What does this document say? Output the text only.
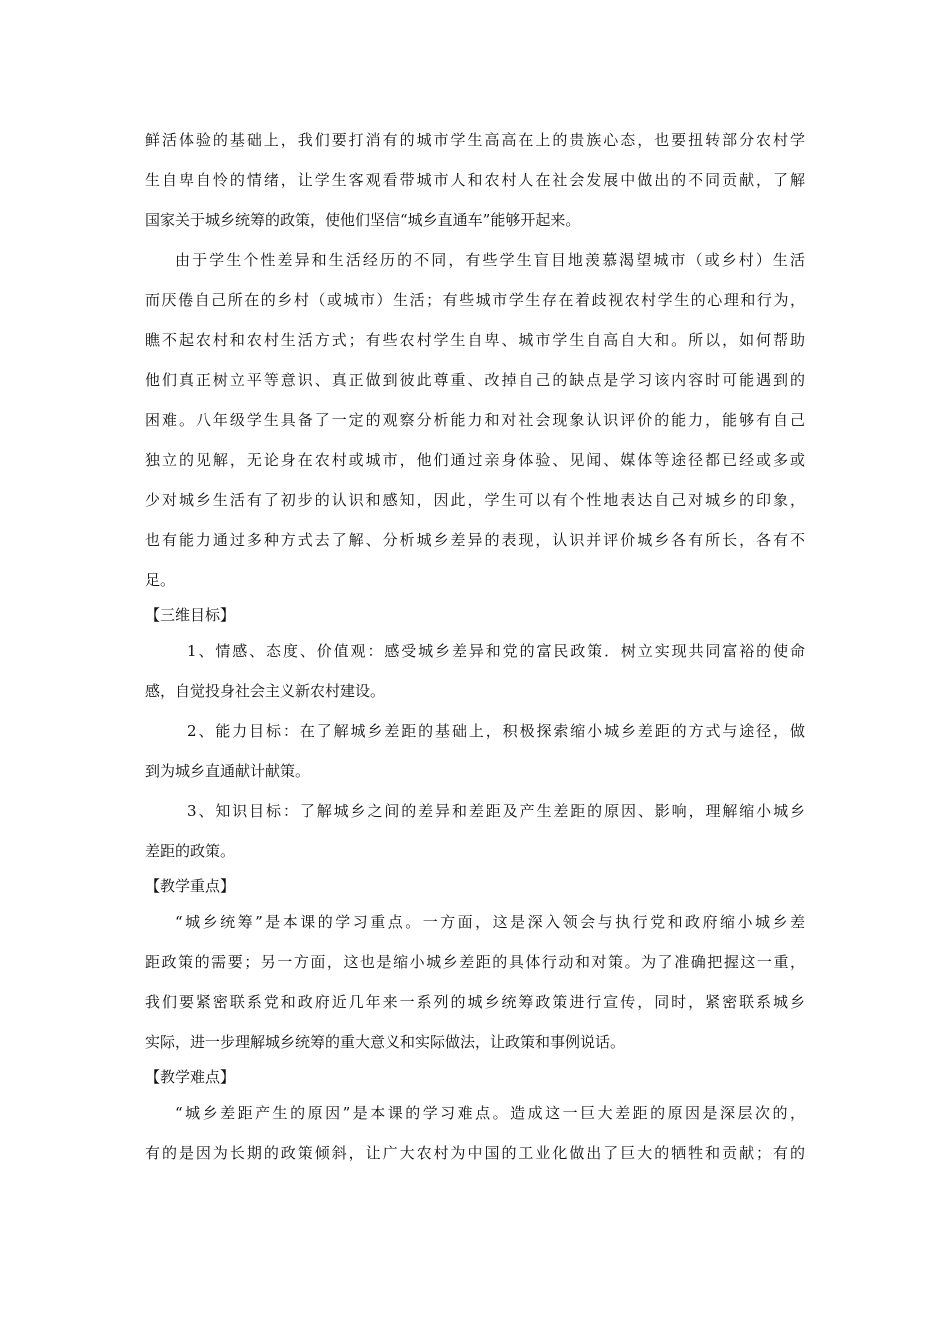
鲜活体验的基础上，我们要打消有的城市学生高高在上的贵族心态，也要扭转部分农村学
生自卑自怜的情绪，让学生客观看带城市人和农村人在社会发展中做出的不同贡献，了解
国家关于城乡统筹的政策，使他们坚信“城乡直通车”能够开起来。
由于学生个性差异和生活经历的不同，有些学生盲目地羡慕渴望城市（或乡村）生活
而厌倦自己所在的乡村（或城市）生活；有些城市学生存在着歧视农村学生的心理和行为，
瞧不起农村和农村生活方式；有些农村学生自卑、城市学生自高自大和。所以，如何帮助
他们真正树立平等意识、真正做到彼此尊重、改掉自己的缺点是学习该内容时可能遇到的
困难。八年级学生具备了一定的观察分析能力和对社会现象认识评价的能力，能够有自己
独立的见解，无论身在农村或城市，他们通过亲身体验、见闻、媒体等途径都已经或多或
少对城乡生活有了初步的认识和感知，因此，学生可以有个性地表达自己对城乡的印象，
也有能力通过多种方式去了解、分析城乡差异的表现，认识并评价城乡各有所长，各有不
足。
【三维目标】
1、情感、态度、价值观：感受城乡差异和党的富民政策．树立实现共同富裕的使命
感，自觉投身社会主义新农村建设。
2、能力目标：在了解城乡差距的基础上，积极探索缩小城乡差距的方式与途径，做
到为城乡直通献计献策。
3、知识目标：了解城乡之间的差异和差距及产生差距的原因、影响，理解缩小城乡
差距的政策。
【教学重点】
“城乡统筹”是本课的学习重点。一方面，这是深入领会与执行党和政府缩小城乡差
距政策的需要；另一方面，这也是缩小城乡差距的具体行动和对策。为了准确把握这一重，
我们要紧密联系党和政府近几年来一系列的城乡统筹政策进行宣传，同时，紧密联系城乡
实际，进一步理解城乡统筹的重大意义和实际做法，让政策和事例说话。
【教学难点】
“城乡差距产生的原因”是本课的学习难点。造成这一巨大差距的原因是深层次的，
有的是因为长期的政策倾斜，让广大农村为中国的工业化做出了巨大的牺牲和贡献；有的
